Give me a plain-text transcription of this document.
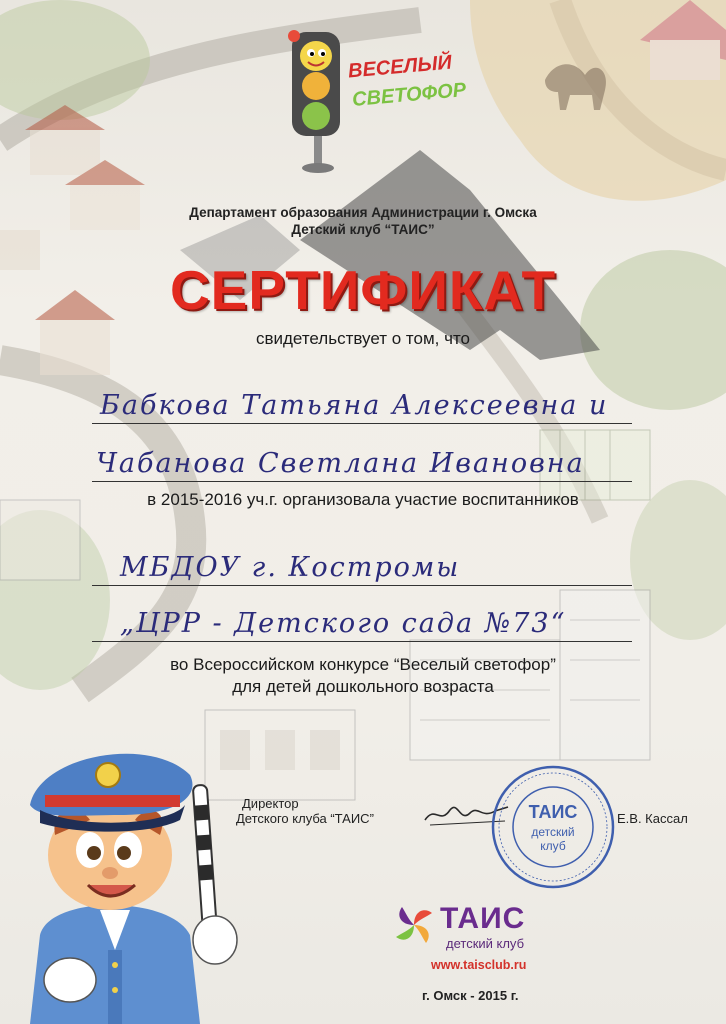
ВЕСЕЛЫЙ
СВЕТОФОР
Департамент образования Администрации г. Омска
Детский клуб “ТАИС”
СЕРТИФИКАТ
свидетельствует о том, что
Бабкова Татьяна Алексеевна и
Чабанова Светлана Ивановна
в 2015-2016 уч.г. организовала участие воспитанников
МБДОУ г. Костромы
„ЦРР - Детского сада №73“
во Всероссийском конкурсе “Веселый светофор”
для детей дошкольного возраста
Директор
Детского клуба “ТАИС”	ТАИС
детский
клуб
Е.В. Кассал
ТАИС
детский клуб
www.taisclub.ru
г. Омск - 2015 г.
